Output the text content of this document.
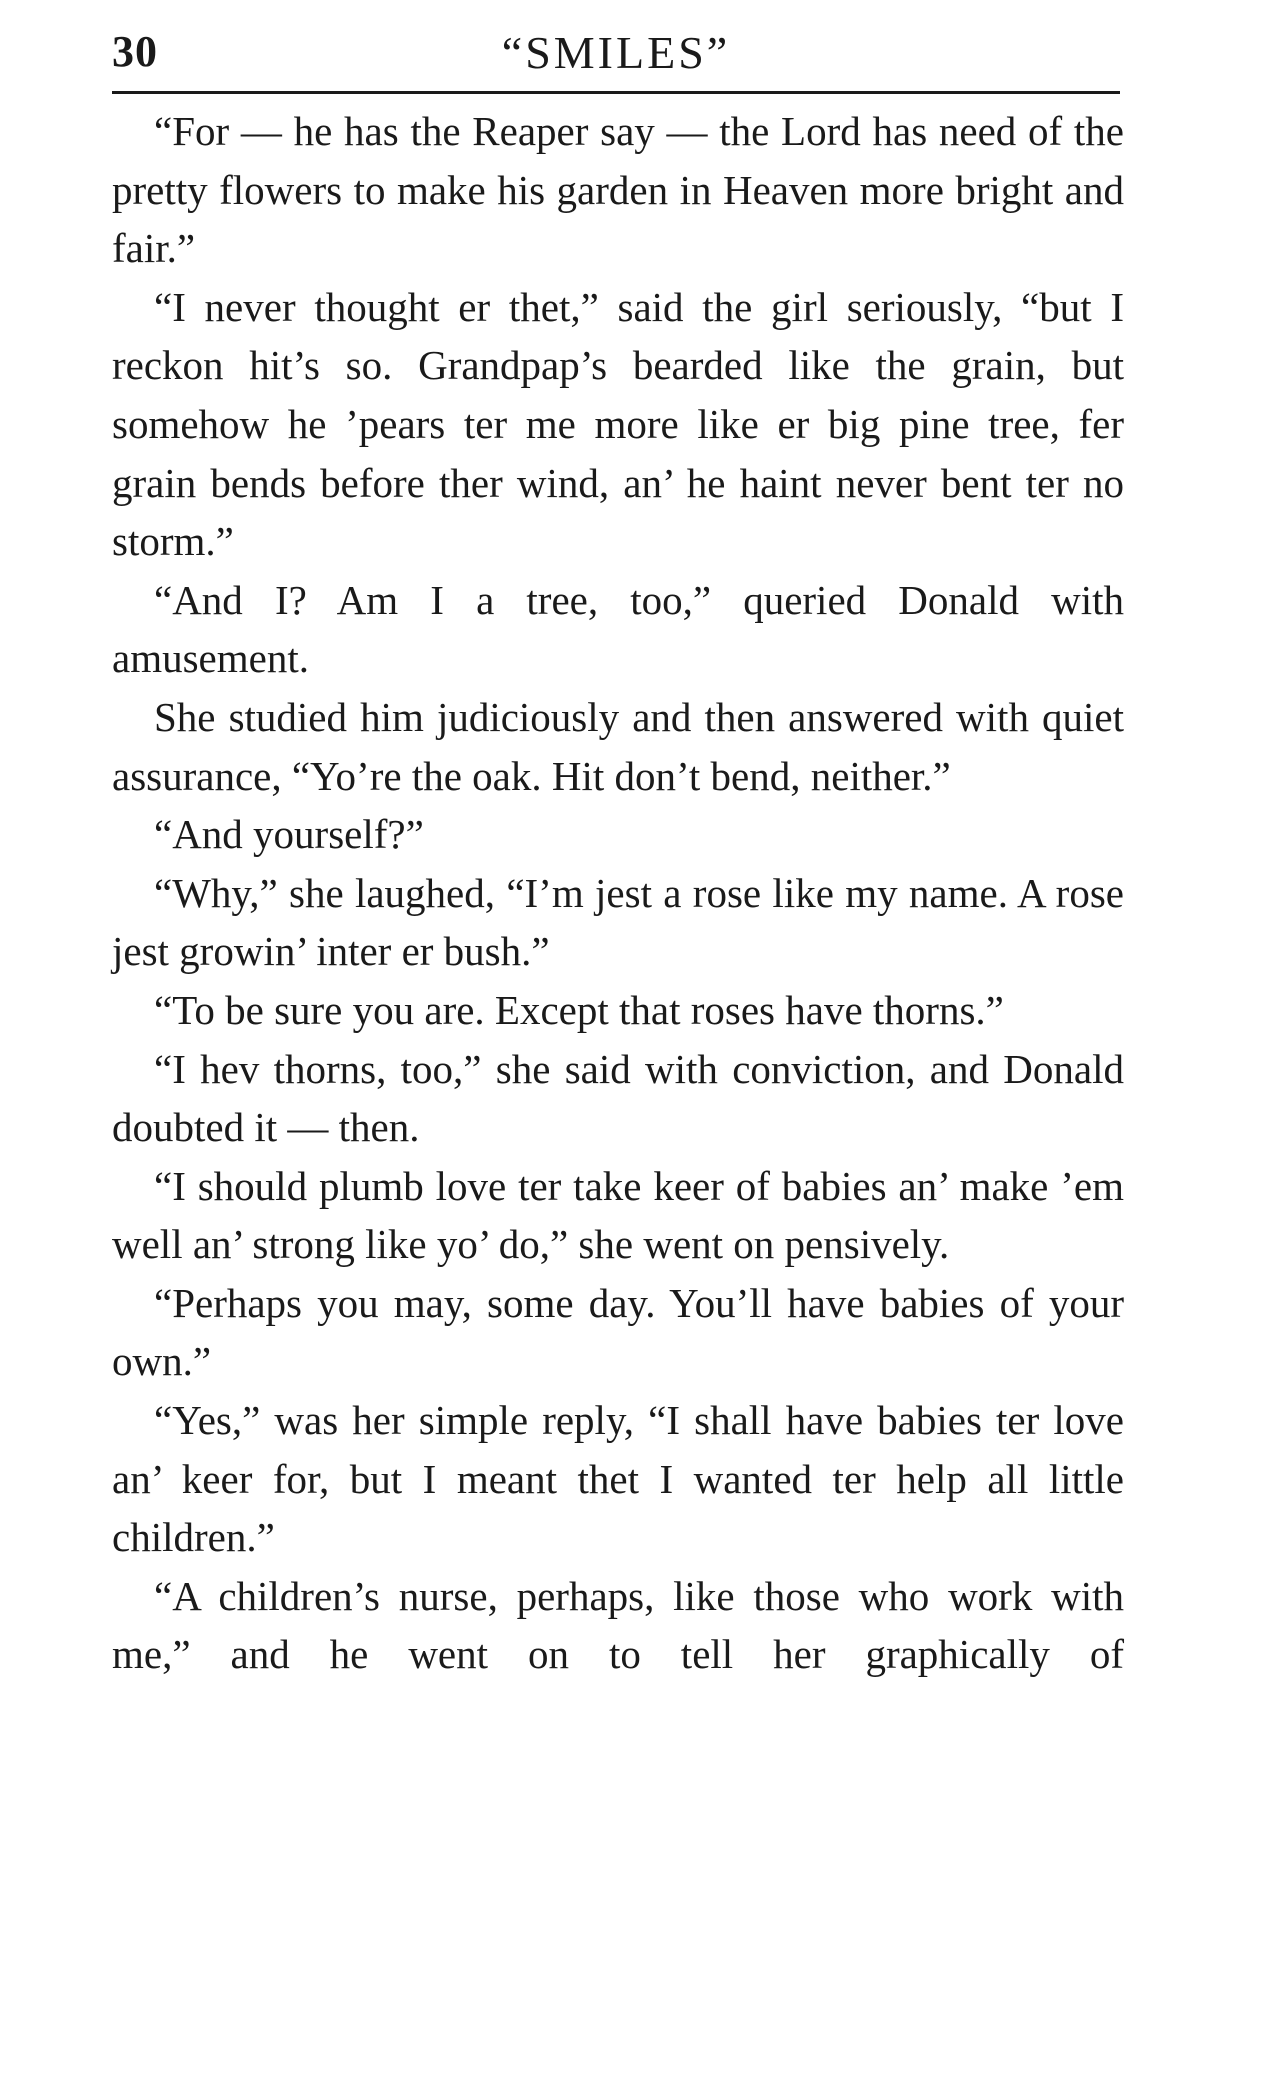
30	“SMILES”

“For — he has the Reaper say — the Lord has need of the pretty flowers to make his garden in Heaven more bright and fair.”

“I never thought er thet,” said the girl seriously, “but I reckon hit’s so. Grandpap’s bearded like the grain, but somehow he ’pears ter me more like er big pine tree, fer grain bends before ther wind, an’ he haint never bent ter no storm.”

“And I? Am I a tree, too,” queried Donald with amusement.

She studied him judiciously and then answered with quiet assurance, “Yo’re the oak. Hit don’t bend, neither.”

“And yourself?”

“Why,” she laughed, “I’m jest a rose like my name. A rose jest growin’ inter er bush.”

“To be sure you are. Except that roses have thorns.”

“I hev thorns, too,” she said with conviction, and Donald doubted it — then.

“I should plumb love ter take keer of babies an’ make ’em well an’ strong like yo’ do,” she went on pensively.

“Perhaps you may, some day. You’ll have babies of your own.”

“Yes,” was her simple reply, “I shall have babies ter love an’ keer for, but I meant thet I wanted ter help all little children.”

“A children’s nurse, perhaps, like those who work with me,” and he went on to tell her graphically of
